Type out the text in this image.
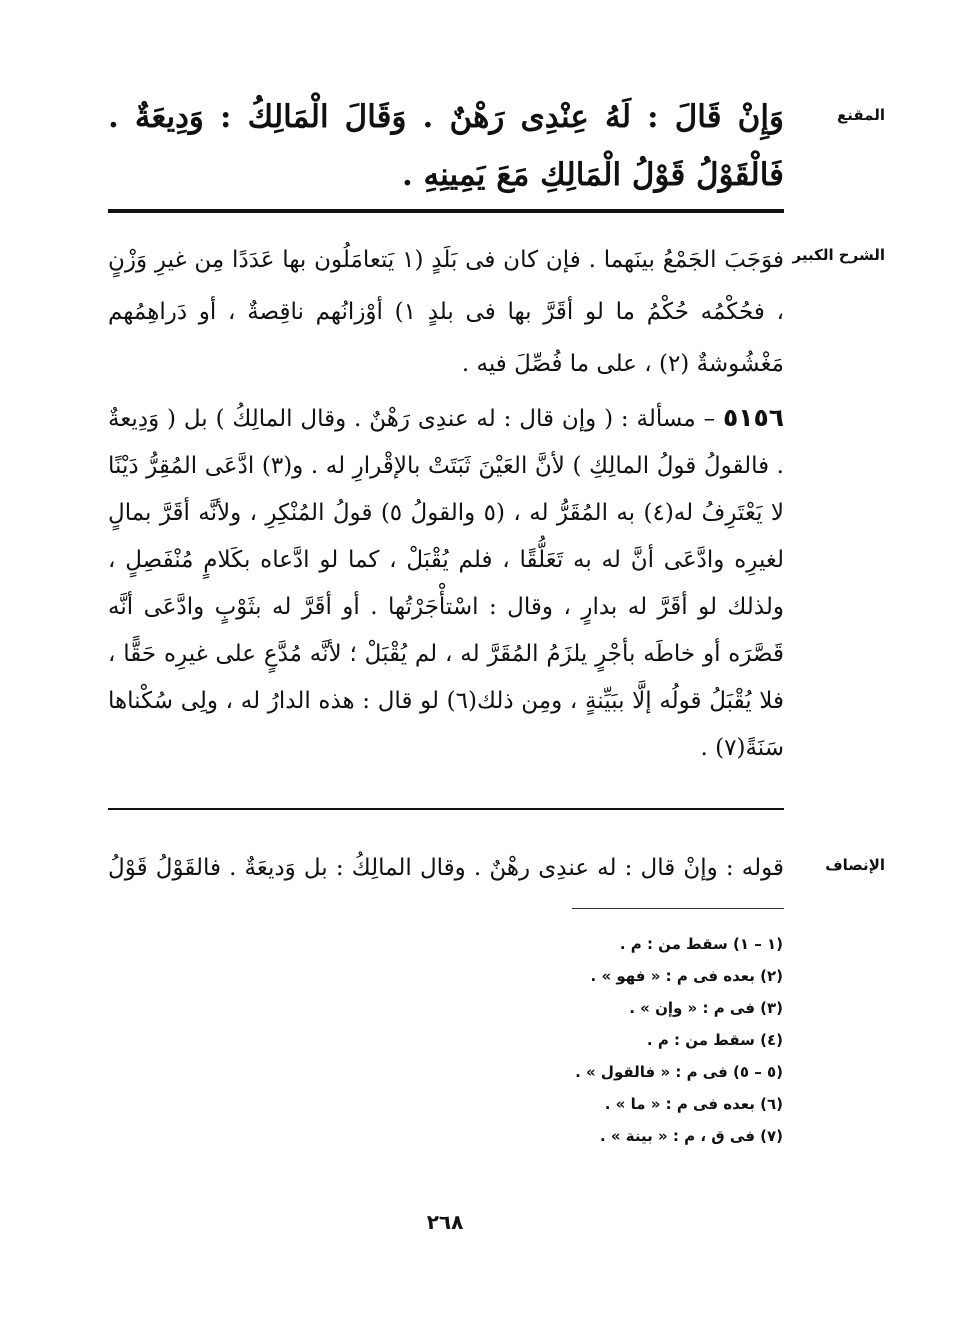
المقنع
وَإِنْ قَالَ : لَهُ عِنْدِى رَهْنٌ . وَقَالَ الْمَالِكُ : وَدِيعَةٌ . فَالْقَوْلُ قَوْلُ الْمَالِكِ مَعَ يَمِينِهِ .
الشرح الكبير
فوَجَبَ الجَمْعُ بينَهما . فإن كان فى بَلَدٍ (١ يَتعامَلُون بها عَدَدًا مِن غيرِ وَزْنٍ ، فحُكْمُه حُكْمُ ما لو أقَرَّ بها فى بلدٍ ١) أوْزانُهم ناقِصةٌ ، أو دَراهِمُهم مَغْشُوشةٌ (٢) ، على ما فُصِّلَ فيه .
٥١٥٦ – مسألة : ( وإن قال : له عندِى رَهْنٌ . وقال المالِكُ ) بل ( وَدِيعةٌ . فالقولُ قولُ المالِكِ ) لأنَّ العَيْنَ ثَبَتَتْ بالإقْرارِ له . و(٣) ادَّعَى المُقِرُّ دَيْنًا لا يَعْتَرِفُ له(٤) به المُقَرُّ له ، (٥ والقولُ ٥) قولُ المُنْكِرِ ، ولأنَّه أقَرَّ بمالٍ لغيرِه وادَّعَى أنَّ له به تَعَلُّقًا ، فلم يُقْبَلْ ، كما لو ادَّعاه بكَلامٍ مُنْفَصِلٍ ، ولذلك لو أقَرَّ له بدارٍ ، وقال : اسْتأْجَرْتُها . أو أقَرَّ له بثَوْبٍ وادَّعَى أنَّه قَصَّرَه أو خاطَه بأجْرٍ يلزَمُ المُقَرَّ له ، لم يُقْبَلْ ؛ لأنَّه مُدَّعٍ على غيرِه حَقًّا ، فلا يُقْبَلُ قولُه إلَّا ببَيِّنةٍ ، ومِن ذلك(٦) لو قال : هذه الدارُ له ، ولِى سُكْناها سَنَةً(٧) .
الإنصاف
قوله : وإنْ قال : له عندِى رهْنٌ . وقال المالِكُ : بل وَديعَةٌ . فالقَوْلُ قَوْلُ
(١ – ١) سقط من : م .
(٢) بعده فى م : « فهو » .
(٣) فى م : « وإن » .
(٤) سقط من : م .
(٥ – ٥) فى م : « فالقول » .
(٦) بعده فى م : « ما » .
(٧) فى ق ، م : « بينة » .
٢٦٨
